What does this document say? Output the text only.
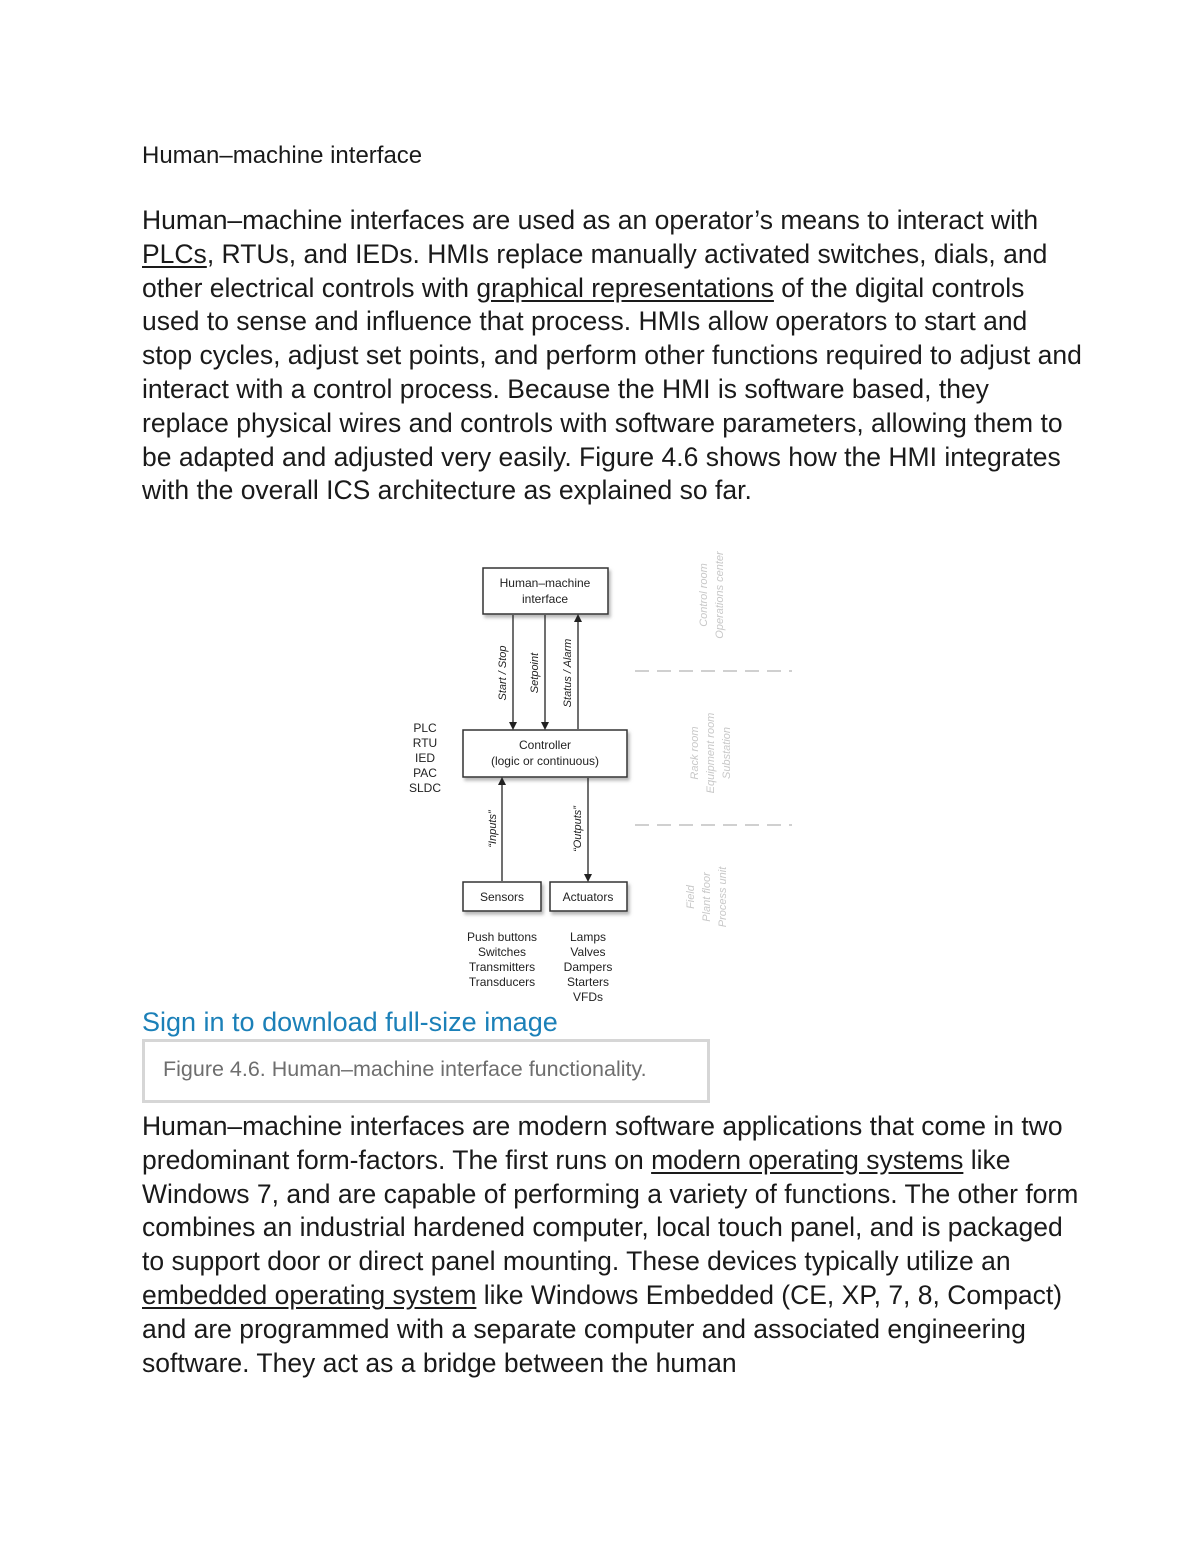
Human–machine interface

Human–machine interfaces are used as an operator’s means to interact with PLCs, RTUs, and IEDs. HMIs replace manually activated switches, dials, and other electrical controls with graphical representations of the digital controls used to sense and influence that process. HMIs allow operators to start and stop cycles, adjust set points, and perform other functions required to adjust and interact with a control process. Because the HMI is software based, they replace physical wires and controls with software parameters, allowing them to be adapted and adjusted very easily. Figure 4.6 shows how the HMI integrates with the overall ICS architecture as explained so far.

Human–machine
interface
Controller
(logic or continuous)
Sensors	Actuators
Start / Stop Setpoint Status / Alarm
“Inputs”	“Outputs”
PLC
RTU
IED
PAC
SLDC
Push buttons
Switches
Transmitters
Transducers
Lamps
Valves
Dampers
Starters
VFDs
Control room Operations center
Rack room Equipment room Substation
Field Plant floor Process unit
Sign in to download full-size image
Figure 4.6. Human–machine interface functionality.

Human–machine interfaces are modern software applications that come in two predominant form-factors. The first runs on modern operating systems like Windows 7, and are capable of performing a variety of functions. The other form combines an industrial hardened computer, local touch panel, and is packaged to support door or direct panel mounting. These devices typically utilize an embedded operating system like Windows Embedded (CE, XP, 7, 8, Compact) and are programmed with a separate computer and associated engineering software. They act as a bridge between the human
